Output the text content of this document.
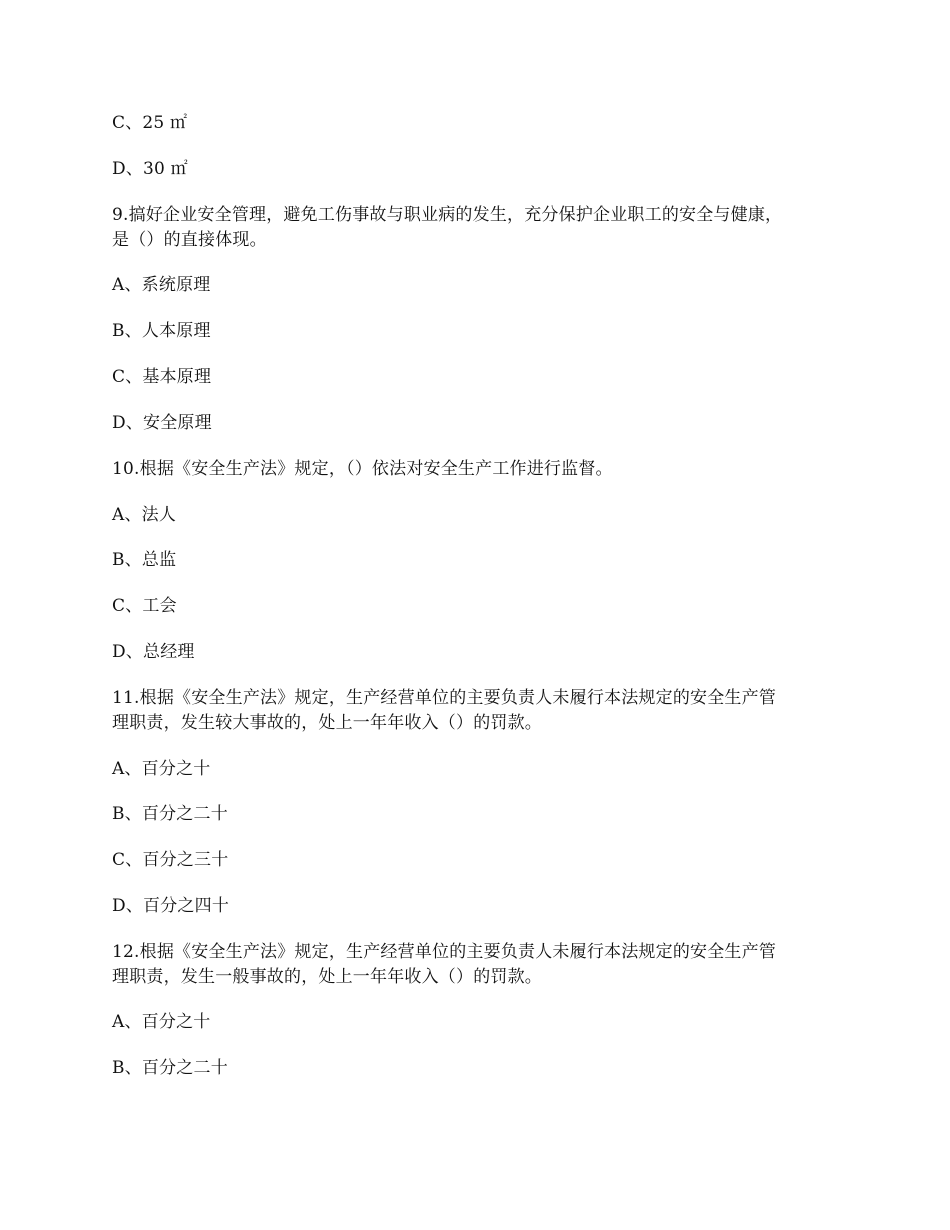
C、25 ㎡
D、30 ㎡
9.搞好企业安全管理，避免工伤事故与职业病的发生，充分保护企业职工的安全与健康，
是（）的直接体现。
A、系统原理
B、人本原理
C、基本原理
D、安全原理
10.根据《安全生产法》规定，（）依法对安全生产工作进行监督。
A、法人
B、总监
C、工会
D、总经理
11.根据《安全生产法》规定，生产经营单位的主要负责人未履行本法规定的安全生产管
理职责，发生较大事故的，处上一年年收入（）的罚款。
A、百分之十
B、百分之二十
C、百分之三十
D、百分之四十
12.根据《安全生产法》规定，生产经营单位的主要负责人未履行本法规定的安全生产管
理职责，发生一般事故的，处上一年年收入（）的罚款。
A、百分之十
B、百分之二十
